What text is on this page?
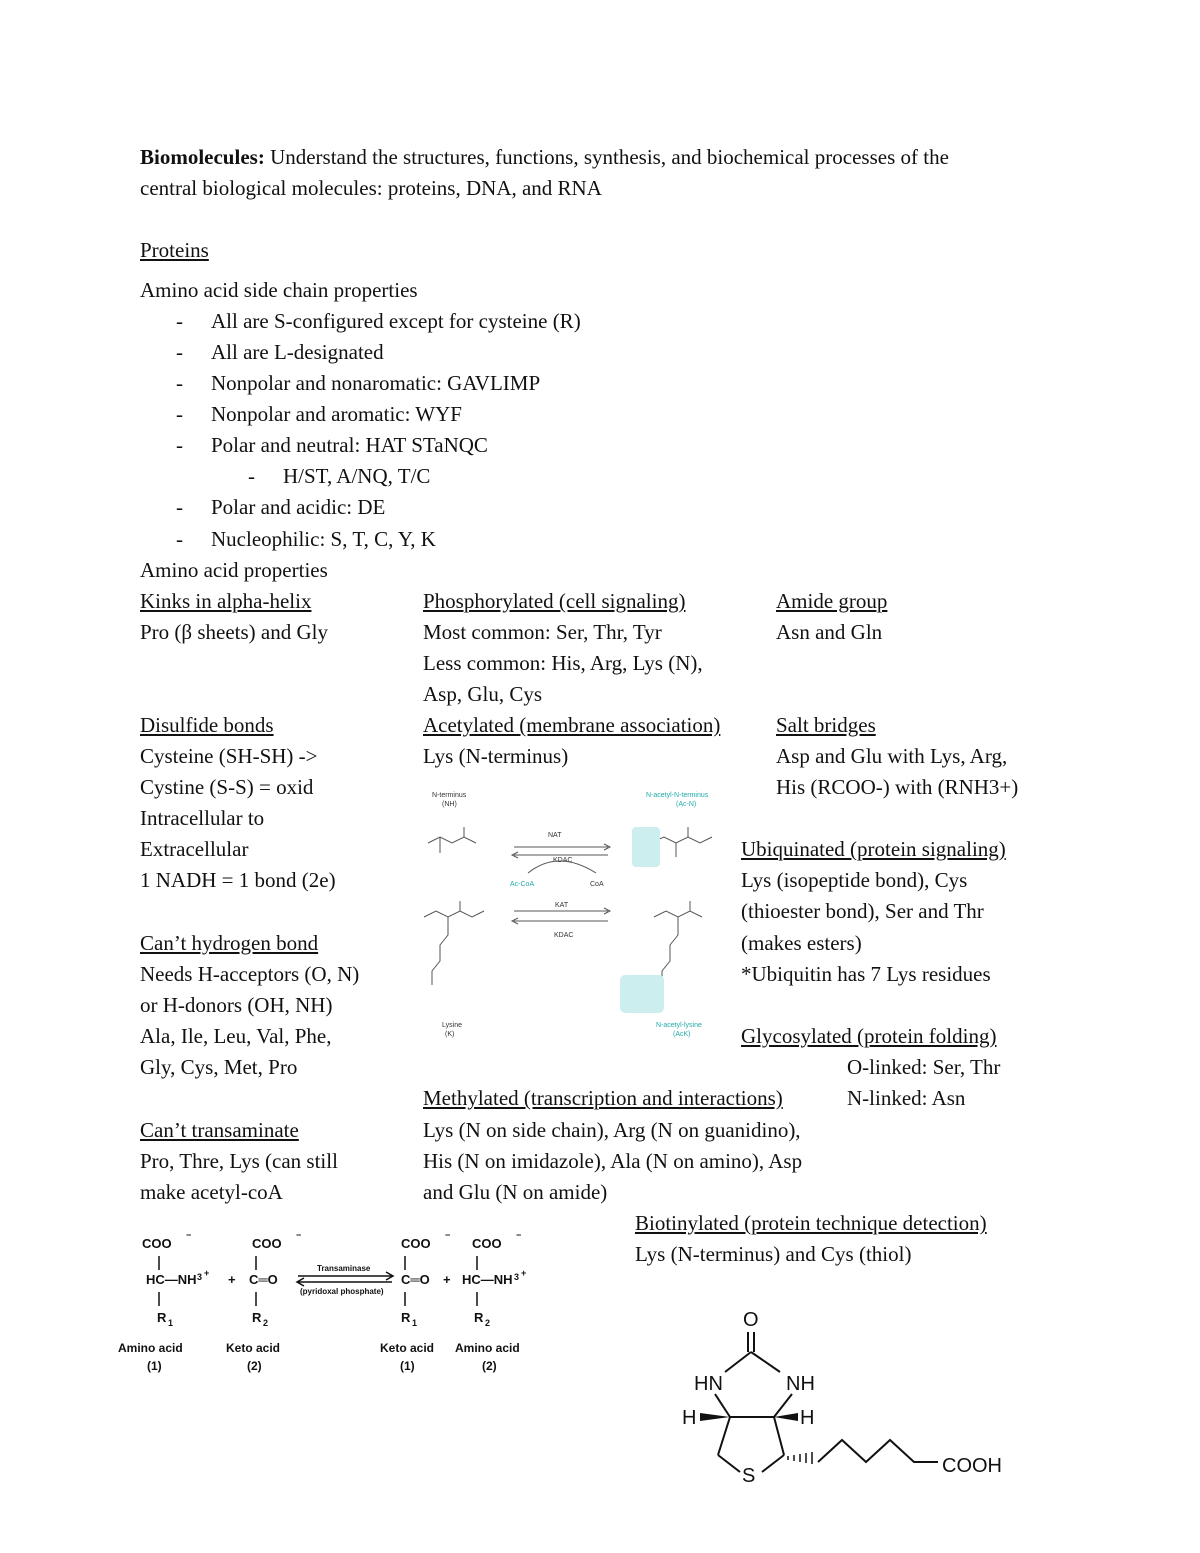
Biomolecules: Understand the structures, functions, synthesis, and biochemical processes of the
central biological molecules: proteins, DNA, and RNA
Proteins
Amino acid side chain properties
- All are S-configured except for cysteine (R)
- All are L-designated
- Nonpolar and nonaromatic: GAVLIMP
- Nonpolar and aromatic: WYF
- Polar and neutral: HAT STaNQC
- H/ST, A/NQ, T/C
- Polar and acidic: DE
- Nucleophilic: S, T, C, Y, K
Amino acid properties
Kinks in alpha-helix
Pro (β sheets) and Gly
Disulfide bonds
Cysteine (SH-SH) ->
Cystine (S-S) = oxid
Intracellular to
Extracellular
1 NADH = 1 bond (2e)
Can’t hydrogen bond
Needs H-acceptors (O, N)
or H-donors (OH, NH)
Ala, Ile, Leu, Val, Phe,
Gly, Cys, Met, Pro
Can’t transaminate
Pro, Thre, Lys (can still
make acetyl-coA
Phosphorylated (cell signaling)
Most common: Ser, Thr, Tyr
Less common: His, Arg, Lys (N),
Asp, Glu, Cys
Acetylated (membrane association)
Lys (N-terminus)
Methylated (transcription and interactions)
Lys (N on side chain), Arg (N on guanidino),
His (N on imidazole), Ala (N on amino), Asp
and Glu (N on amide)
Amide group
Asn and Gln
Salt bridges
Asp and Glu with Lys, Arg,
His (RCOO-) with (RNH3+)
Ubiquinated (protein signaling)
Lys (isopeptide bond), Cys
(thioester bond), Ser and Thr
(makes esters)
*Ubiquitin has 7 Lys residues
Glycosylated (protein folding)
O-linked: Ser, Thr
N-linked: Asn
Biotinylated (protein technique detection)
Lys (N-terminus) and Cys (thiol)
N-terminus
(NH)
N-acetyl-N-terminus
(Ac-N)
NAT
KDAC
Ac-CoA	CoA
KAT
KDAC
Lysine
(K)
N-acetyl-lysine
(AcK)
COO	COO	COO	COO
HC—NH + C═O	C═O + HC—NH
R	R	R	R
−	−	−	−
3 +	3 +
1	2	1	2
Transaminase
(pyridoxal phosphate)
Amino acid
(1)
Keto acid
(2)
Keto acid
(1)
Amino acid
(2)
O
HN	NH
H	H
S	COOH
